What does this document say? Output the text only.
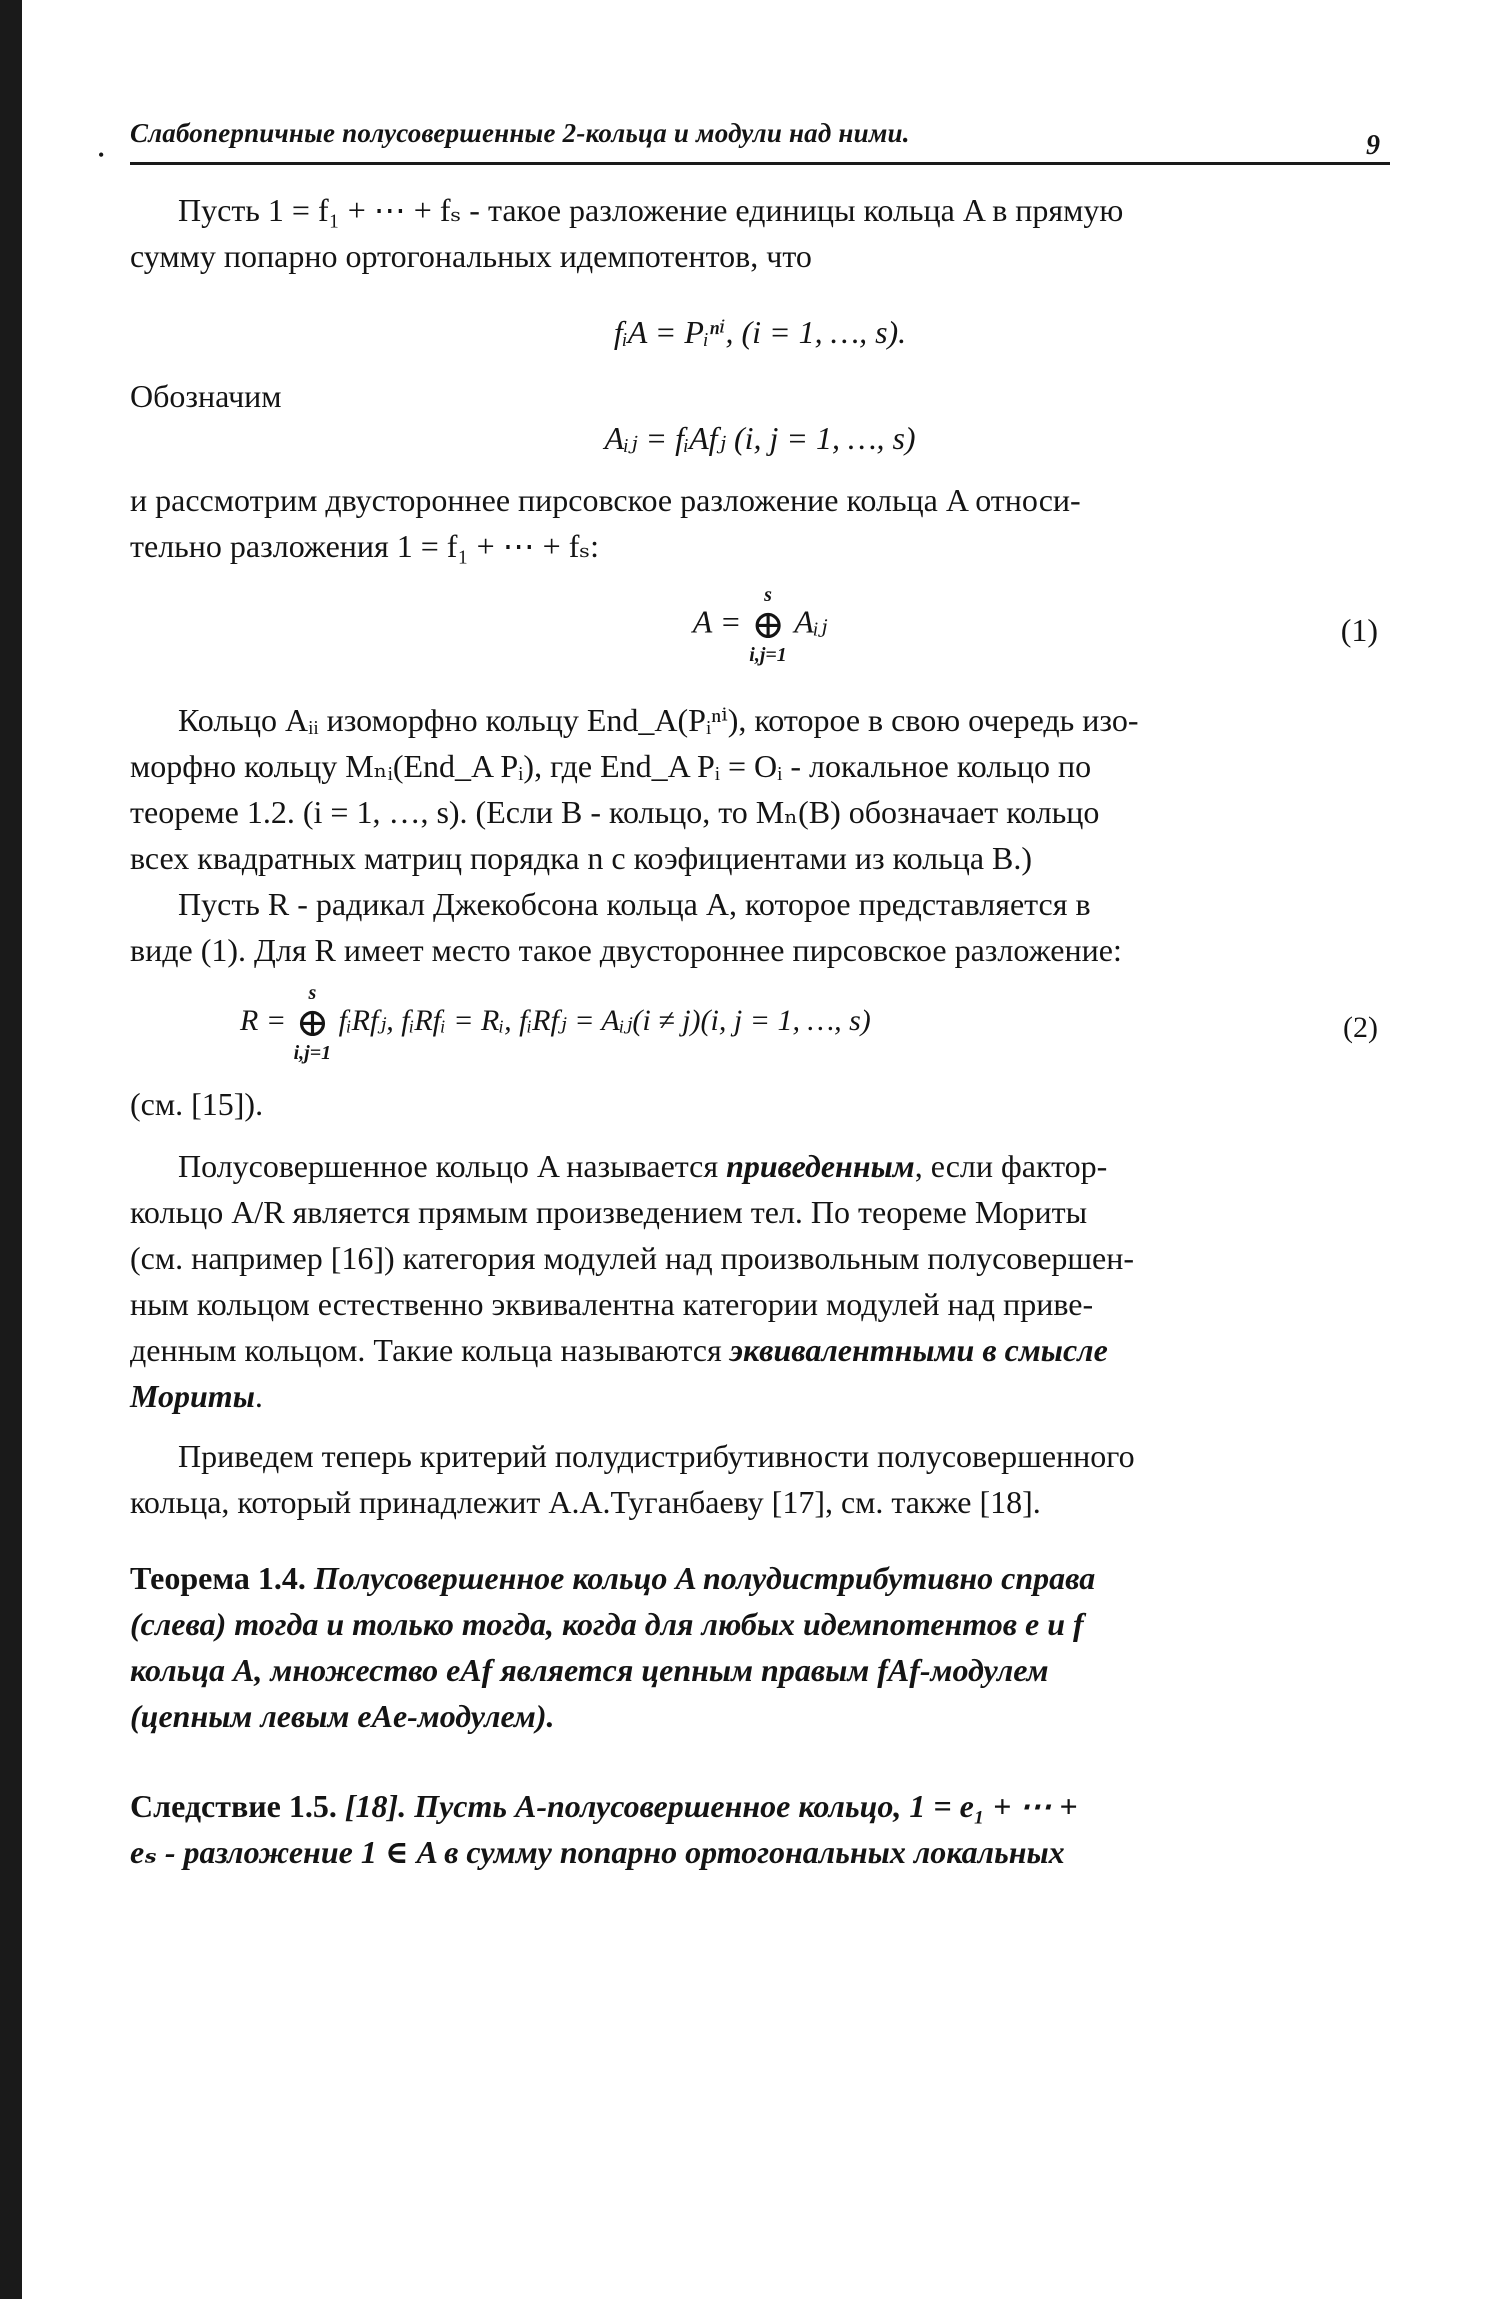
•
Слабоперпичные полусовершенные 2-кольца и модули над ними.	9

Пусть 1 = f₁ + ⋯ + fₛ - такое разложение единицы кольца A в прямую

сумму попарно ортогональных идемпотентов, что

fᵢA = Pᵢⁿⁱ, (i = 1, …, s).

Обозначим

Aᵢⱼ = fᵢAfⱼ (i, j = 1, …, s)

и рассмотрим двустороннее пирсовское разложение кольца A относи-

тельно разложения 1 = f₁ + ⋯ + fₛ:

A =
s
⊕
i,j=1
Aᵢⱼ	(1)

Кольцо Aᵢᵢ изоморфно кольцу End_A(Pᵢⁿⁱ), которое в свою очередь изо-

морфно кольцу Mₙᵢ(End_A Pᵢ), где End_A Pᵢ = Oᵢ - локальное кольцо по

теореме 1.2. (i = 1, …, s). (Если B - кольцо, то Mₙ(B) обозначает кольцо

всех квадратных матриц порядка n с коэфициентами из кольца B.)

Пусть R - радикал Джекобсона кольца A, которое представляется в

виде (1). Для R имеет место такое двустороннее пирсовское разложение:

R =
s
⊕
i,j=1
fᵢRfⱼ, fᵢRfᵢ = Rᵢ, fᵢRfⱼ = Aᵢⱼ(i ≠ j)(i, j = 1, …, s)	(2)

(см. [15]).

Полусовершенное кольцо A называется приведенным, если фактор-

кольцо A/R является прямым произведением тел. По теореме Мориты

(см. например [16]) категория модулей над произвольным полусовершен-

ным кольцом естественно эквивалентна категории модулей над приве-

денным кольцом. Такие кольца называются эквивалентными в смысле

Мориты.

Приведем теперь критерий полудистрибутивности полусовершенного

кольца, который принадлежит А.А.Туганбаеву [17], см. также [18].

Теорема 1.4. Полусовершенное кольцо A полудистрибутивно справа

(слева) тогда и только тогда, когда для любых идемпотентов e и f

кольца A, множество eAf является цепным правым fAf-модулем

(цепным левым eAe-модулем).

Следствие 1.5. [18]. Пусть A-полусовершенное кольцо, 1 = e₁ + ⋯ +

eₛ - разложение 1 ∈ A в сумму попарно ортогональных локальных
